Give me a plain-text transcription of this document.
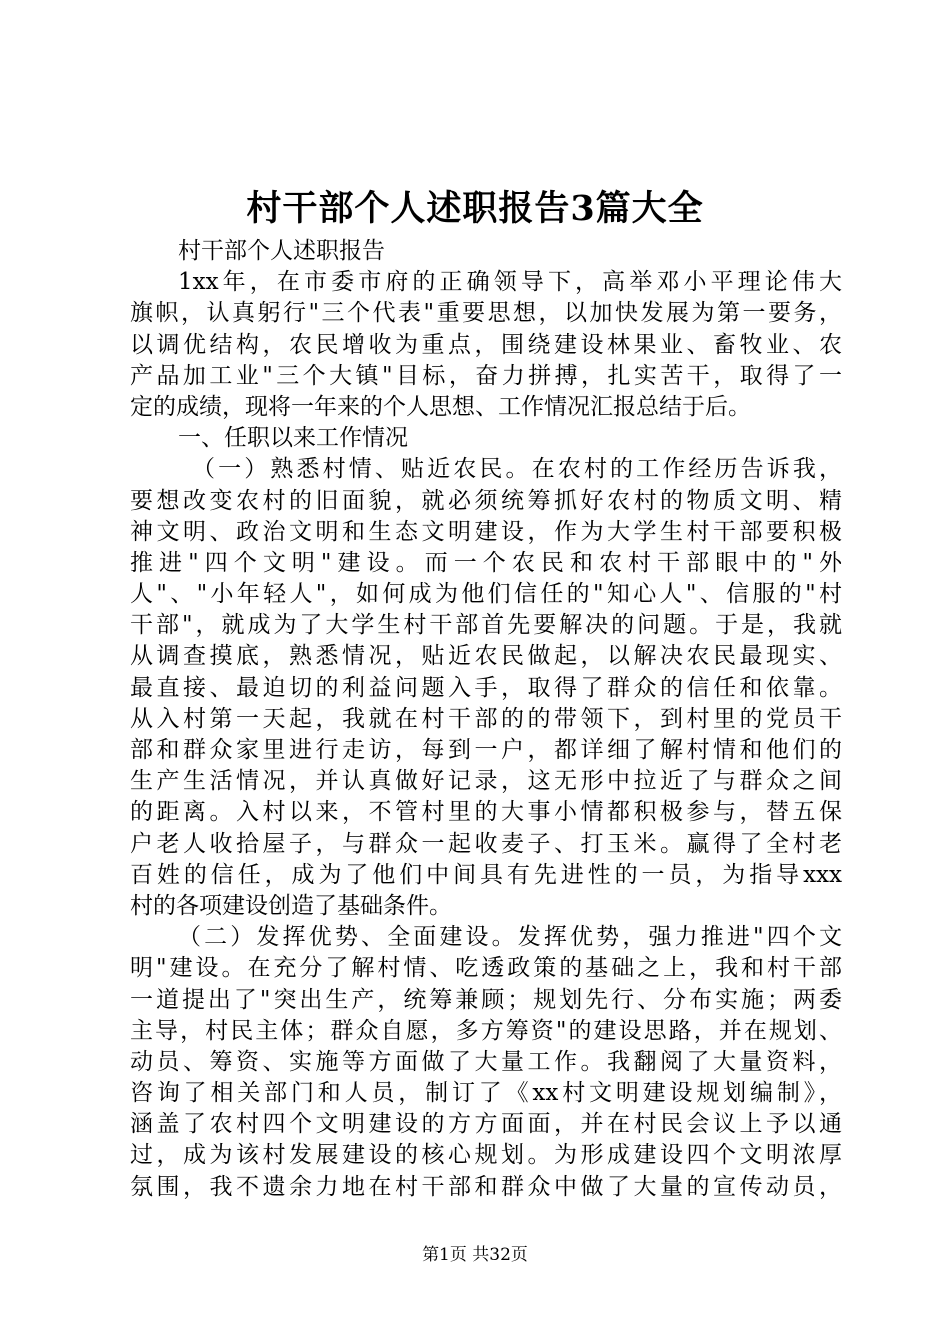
村干部个人述职报告3篇大全
村干部个人述职报告
1xx年，在市委市府的正确领导下，高举邓小平理论伟大
旗帜，认真躬行"三个代表"重要思想，以加快发展为第一要务，
以调优结构，农民增收为重点，围绕建设林果业、畜牧业、农
产品加工业"三个大镇"目标，奋力拼搏，扎实苦干，取得了一
定的成绩，现将一年来的个人思想、工作情况汇报总结于后。
一、任职以来工作情况
（一）熟悉村情、贴近农民。在农村的工作经历告诉我，
要想改变农村的旧面貌，就必须统筹抓好农村的物质文明、精
神文明、政治文明和生态文明建设，作为大学生村干部要积极
推进"四个文明"建设。而一个农民和农村干部眼中的"外
人"、"小年轻人"，如何成为他们信任的"知心人"、信服的"村
干部"，就成为了大学生村干部首先要解决的问题。于是，我就
从调查摸底，熟悉情况，贴近农民做起，以解决农民最现实、
最直接、最迫切的利益问题入手，取得了群众的信任和依靠。
从入村第一天起，我就在村干部的的带领下，到村里的党员干
部和群众家里进行走访，每到一户，都详细了解村情和他们的
生产生活情况，并认真做好记录，这无形中拉近了与群众之间
的距离。入村以来，不管村里的大事小情都积极参与，替五保
户老人收拾屋子，与群众一起收麦子、打玉米。赢得了全村老
百姓的信任，成为了他们中间具有先进性的一员，为指导xxx
村的各项建设创造了基础条件。
（二）发挥优势、全面建设。发挥优势，强力推进"四个文
明"建设。在充分了解村情、吃透政策的基础之上，我和村干部
一道提出了"突出生产，统筹兼顾；规划先行、分布实施；两委
主导，村民主体；群众自愿，多方筹资"的建设思路，并在规划、
动员、筹资、实施等方面做了大量工作。我翻阅了大量资料，
咨询了相关部门和人员，制订了《xx村文明建设规划编制》，
涵盖了农村四个文明建设的方方面面，并在村民会议上予以通
过，成为该村发展建设的核心规划。为形成建设四个文明浓厚
氛围，我不遗余力地在村干部和群众中做了大量的宣传动员，
第1页 共32页
